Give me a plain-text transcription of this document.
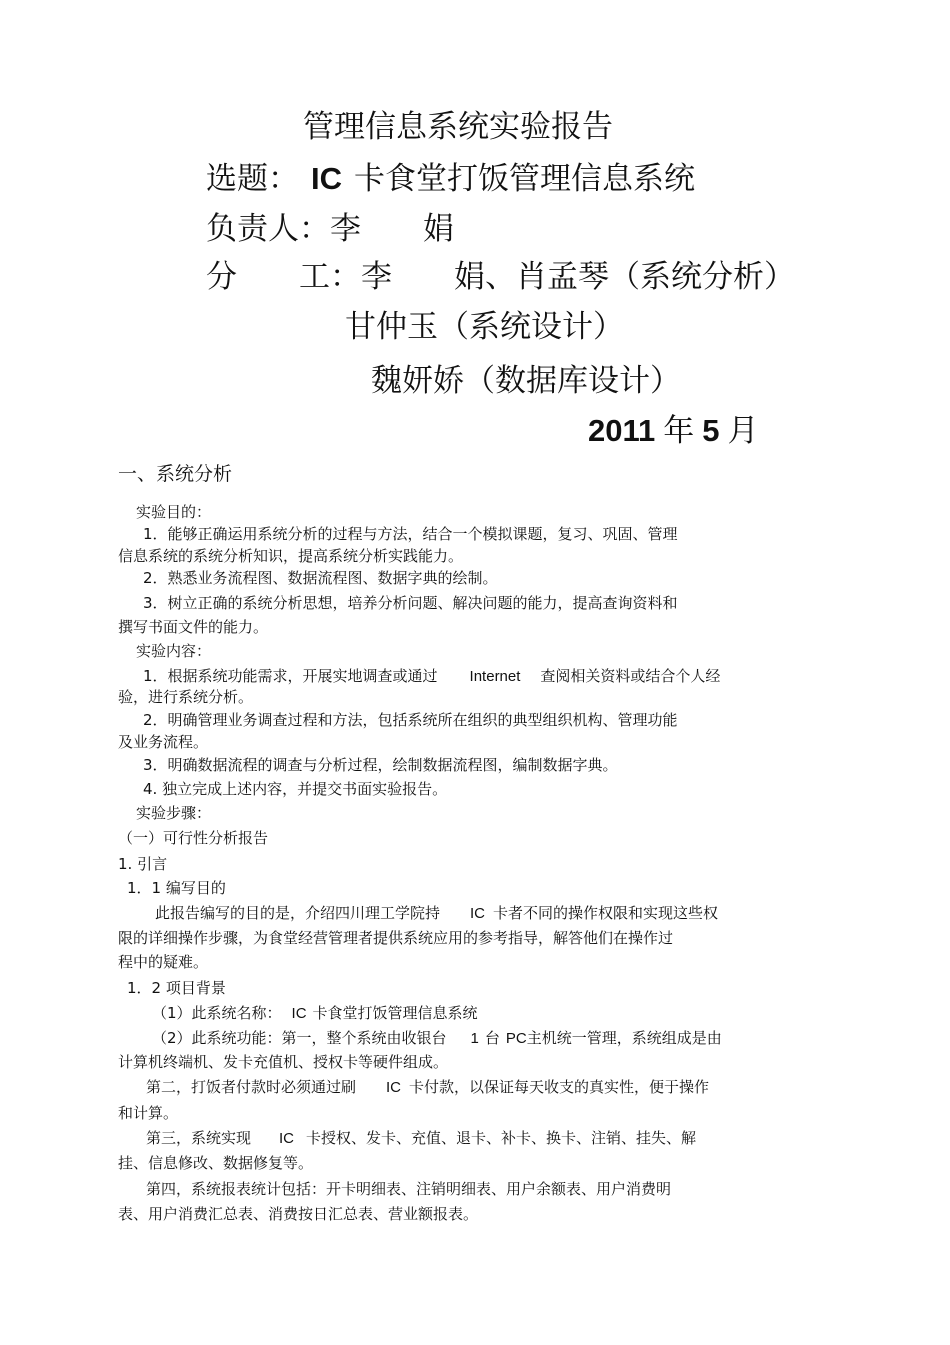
管理信息系统实验报告
选题： IC 卡食堂打饭管理信息系统
负责人：李　　娟
分　　工：李　　娟、肖孟琴（系统分析）
甘仲玉（系统设计）
魏妍娇（数据库设计）
2011 年 5 月
一、系统分析
实验目的：
1．能够正确运用系统分析的过程与方法，结合一个模拟课题，复习、巩固、管理
信息系统的系统分析知识，提高系统分析实践能力。
2．熟悉业务流程图、数据流程图、数据字典的绘制。
3．树立正确的系统分析思想，培养分析问题、解决问题的能力，提高查询资料和
撰写书面文件的能力。
实验内容：
1．根据系统功能需求，开展实地调查或通过 Internet 查阅相关资料或结合个人经
验，进行系统分析。
2．明确管理业务调查过程和方法，包括系统所在组织的典型组织机构、管理功能
及业务流程。
3．明确数据流程的调查与分析过程，绘制数据流程图，编制数据字典。
4. 独立完成上述内容，并提交书面实验报告。
实验步骤：
（一）可行性分析报告
1. 引言
1．1 编写目的
此报告编写的目的是，介绍四川理工学院持 IC 卡者不同的操作权限和实现这些权
限的详细操作步骤，为食堂经营管理者提供系统应用的参考指导，解答他们在操作过
程中的疑难。
1．2 项目背景
（1）此系统名称： IC 卡食堂打饭管理信息系统
（2）此系统功能：第一，整个系统由收银台 1 台 PC主机统一管理，系统组成是由
计算机终端机、发卡充值机、授权卡等硬件组成。
第二，打饭者付款时必须通过刷 IC 卡付款，以保证每天收支的真实性，便于操作
和计算。
第三，系统实现 IC 卡授权、发卡、充值、退卡、补卡、换卡、注销、挂失、解
挂、信息修改、数据修复等。
第四，系统报表统计包括：开卡明细表、注销明细表、用户余额表、用户消费明
表、用户消费汇总表、消费按日汇总表、营业额报表。
